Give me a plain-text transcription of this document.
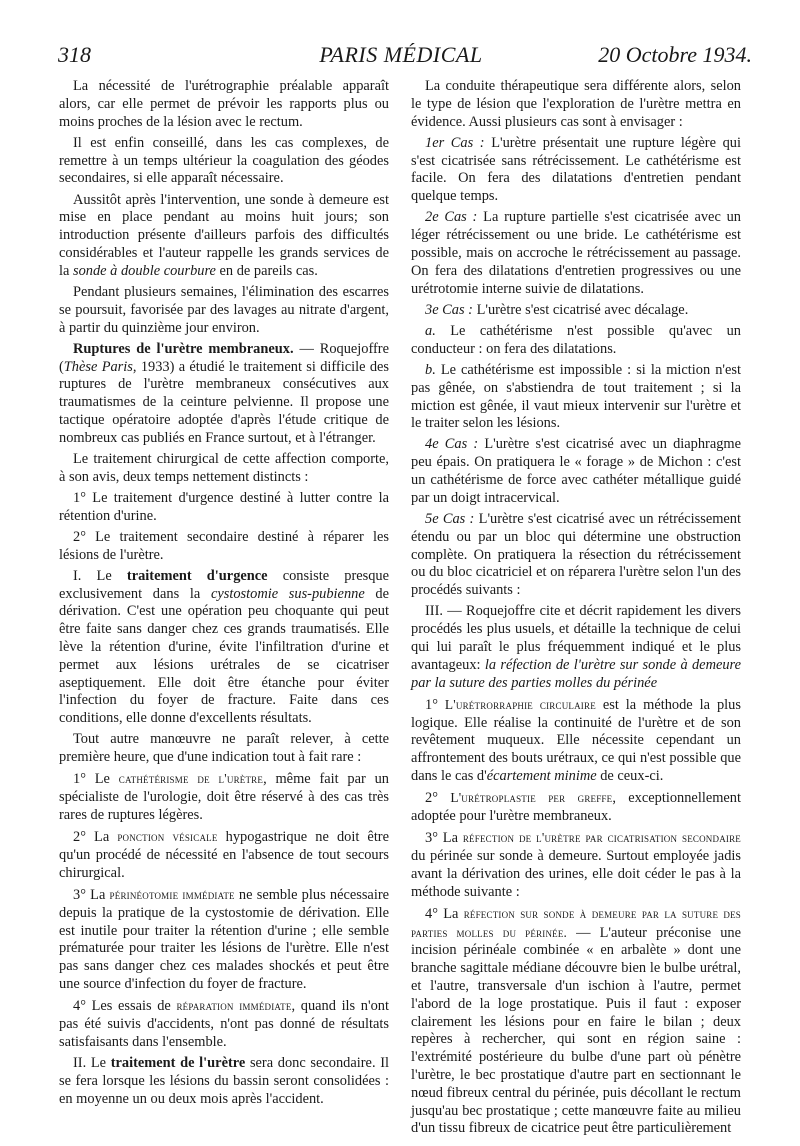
318	PARIS MÉDICAL	20 Octobre 1934.

La nécessité de l'urétrographie préalable apparaît alors, car elle permet de prévoir les rapports plus ou moins proches de la lésion avec le rectum.

Il est enfin conseillé, dans les cas complexes, de remettre à un temps ultérieur la coagulation des géodes secondaires, si elle apparaît nécessaire.

Aussitôt après l'intervention, une sonde à demeure est mise en place pendant au moins huit jours; son introduction présente d'ailleurs parfois des difficultés considérables et l'auteur rappelle les grands services de la sonde à double courbure en de pareils cas.

Pendant plusieurs semaines, l'élimination des escarres se poursuit, favorisée par des lavages au nitrate d'argent, à partir du quinzième jour environ.

Ruptures de l'urètre membraneux. — Roquejoffre (Thèse Paris, 1933) a étudié le traitement si difficile des ruptures de l'urètre membraneux consécutives aux traumatismes de la ceinture pelvienne. Il propose une tactique opératoire adoptée d'après l'étude critique de nombreux cas publiés en France surtout, et à l'étranger.

Le traitement chirurgical de cette affection comporte, à son avis, deux temps nettement distincts :

1° Le traitement d'urgence destiné à lutter contre la rétention d'urine.

2° Le traitement secondaire destiné à réparer les lésions de l'urètre.

I. Le traitement d'urgence consiste presque exclusivement dans la cystostomie sus-pubienne de dérivation. C'est une opération peu choquante qui peut être faite sans danger chez ces grands traumatisés. Elle lève la rétention d'urine, évite l'infiltration d'urine et permet aux lésions urétrales de se cicatriser aseptiquement. Elle doit être étanche pour éviter l'infection du foyer de fracture. Faite dans ces conditions, elle donne d'excellents résultats.

Tout autre manœuvre ne paraît relever, à cette première heure, que d'une indication tout à fait rare :

1° Le cathétérisme de l'urètre, même fait par un spécialiste de l'urologie, doit être réservé à des cas très rares de ruptures légères.

2° La ponction vésicale hypogastrique ne doit être qu'un procédé de nécessité en l'absence de tout secours chirurgical.

3° La périnéotomie immédiate ne semble plus nécessaire depuis la pratique de la cystostomie de dérivation. Elle est inutile pour traiter la rétention d'urine ; elle semble prématurée pour traiter les lésions de l'urètre. Elle n'est pas sans danger chez ces malades shockés et peut être une source d'infection du foyer de fracture.

4° Les essais de réparation immédiate, quand ils n'ont pas été suivis d'accidents, n'ont pas donné de résultats satisfaisants dans l'ensemble.

II. Le traitement de l'urètre sera donc secondaire. Il se fera lorsque les lésions du bassin seront consolidées : en moyenne un ou deux mois après l'accident.

La conduite thérapeutique sera différente alors, selon le type de lésion que l'exploration de l'urètre mettra en évidence. Aussi plusieurs cas sont à envisager :

1er Cas : L'urètre présentait une rupture légère qui s'est cicatrisée sans rétrécissement. Le cathétérisme est facile. On fera des dilatations d'entretien pendant quelque temps.

2e Cas : La rupture partielle s'est cicatrisée avec un léger rétrécissement ou une bride. Le cathétérisme est possible, mais on accroche le rétrécissement au passage. On fera des dilatations d'entretien progressives ou une urétrotomie interne suivie de dilatations.

3e Cas : L'urètre s'est cicatrisé avec décalage.

a. Le cathétérisme n'est possible qu'avec un conducteur : on fera des dilatations.

b. Le cathétérisme est impossible : si la miction n'est pas gênée, on s'abstiendra de tout traitement ; si la miction est gênée, il vaut mieux intervenir sur l'urètre et le traiter selon les lésions.

4e Cas : L'urètre s'est cicatrisé avec un diaphragme peu épais. On pratiquera le « forage » de Michon : c'est un cathétérisme de force avec cathéter métallique guidé par un doigt intracervical.

5e Cas : L'urètre s'est cicatrisé avec un rétrécissement étendu ou par un bloc qui détermine une obstruction complète. On pratiquera la résection du rétrécissement ou du bloc cicatriciel et on réparera l'urètre selon l'un des procédés suivants :

III. — Roquejoffre cite et décrit rapidement les divers procédés les plus usuels, et détaille la technique de celui qui lui paraît le plus fréquemment indiqué et le plus avantageux: la réfection de l'urètre sur sonde à demeure par la suture des parties molles du périnée

1° L'urétrorraphie circulaire est la méthode la plus logique. Elle réalise la continuité de l'urètre et de son revêtement muqueux. Elle nécessite cependant un affrontement des bouts urétraux, ce qui n'est possible que dans le cas d'écartement minime de ceux-ci.

2° L'urétroplastie per greffe, exceptionnellement adoptée pour l'urètre membraneux.

3° La réfection de l'urètre par cicatrisation secondaire du périnée sur sonde à demeure. Surtout employée jadis avant la dérivation des urines, elle doit céder le pas à la méthode suivante :

4° La réfection sur sonde à demeure par la suture des parties molles du périnée. — L'auteur préconise une incision périnéale combinée « en arbalète » dont une branche sagittale médiane découvre bien le bulbe urétral, et l'autre, transversale d'un ischion à l'autre, permet l'abord de la loge prostatique. Puis il faut : exposer clairement les lésions pour en faire le bilan ; deux repères à rechercher, qui sont en région saine : l'extrémité postérieure du bulbe d'une part où pénètre l'urètre, le bec prostatique d'autre part en sectionnant le nœud fibreux central du périnée, puis décollant le rectum jusqu'au bec prostatique ; cette manœuvre faite au milieu d'un tissu fibreux de cicatrice peut être particulièrement
